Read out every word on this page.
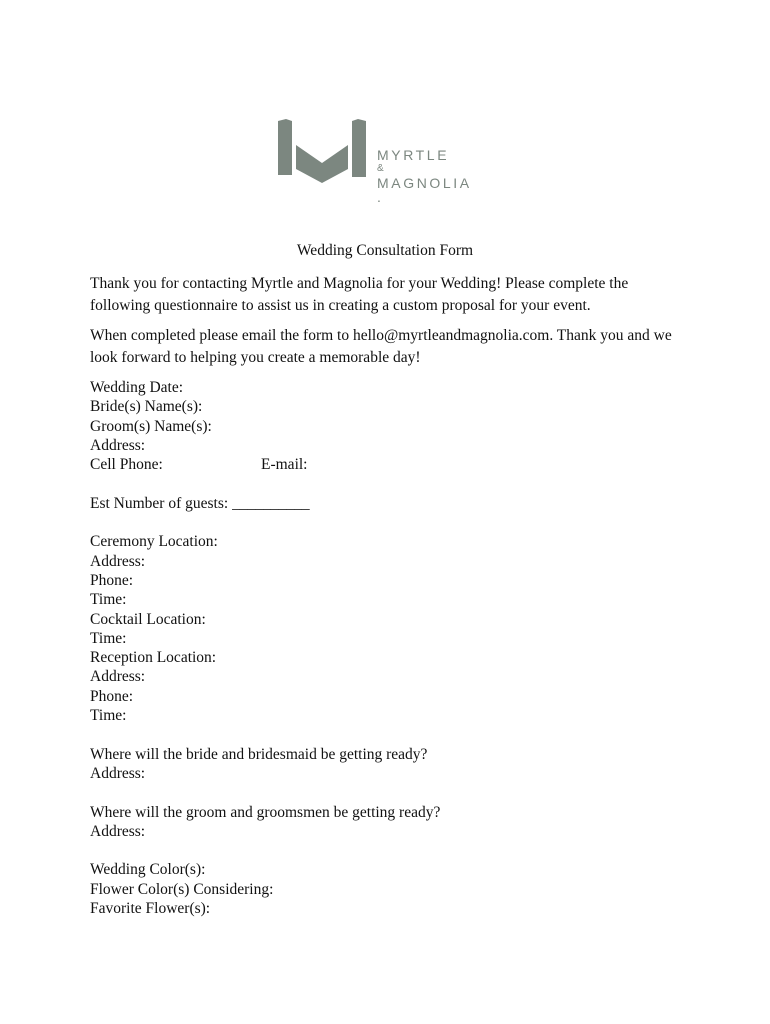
MYRTLE
&
MAGNOLIA
.
Wedding Consultation Form

Thank you for contacting Myrtle and Magnolia for your Wedding! Please complete the following questionnaire to assist us in creating a custom proposal for your event.

When completed please email the form to hello@myrtleandmagnolia.com. Thank you and we look forward to helping you create a memorable day!

Wedding Date:
Bride(s) Name(s):
Groom(s) Name(s):
Address:
Cell Phone:	E-mail:
Est Number of guests: __________
Ceremony Location:
Address:
Phone:
Time:
Cocktail Location:
Time:
Reception Location:
Address:
Phone:
Time:
Where will the bride and bridesmaid be getting ready?
Address:
Where will the groom and groomsmen be getting ready?
Address:
Wedding Color(s):
Flower Color(s) Considering:
Favorite Flower(s):
